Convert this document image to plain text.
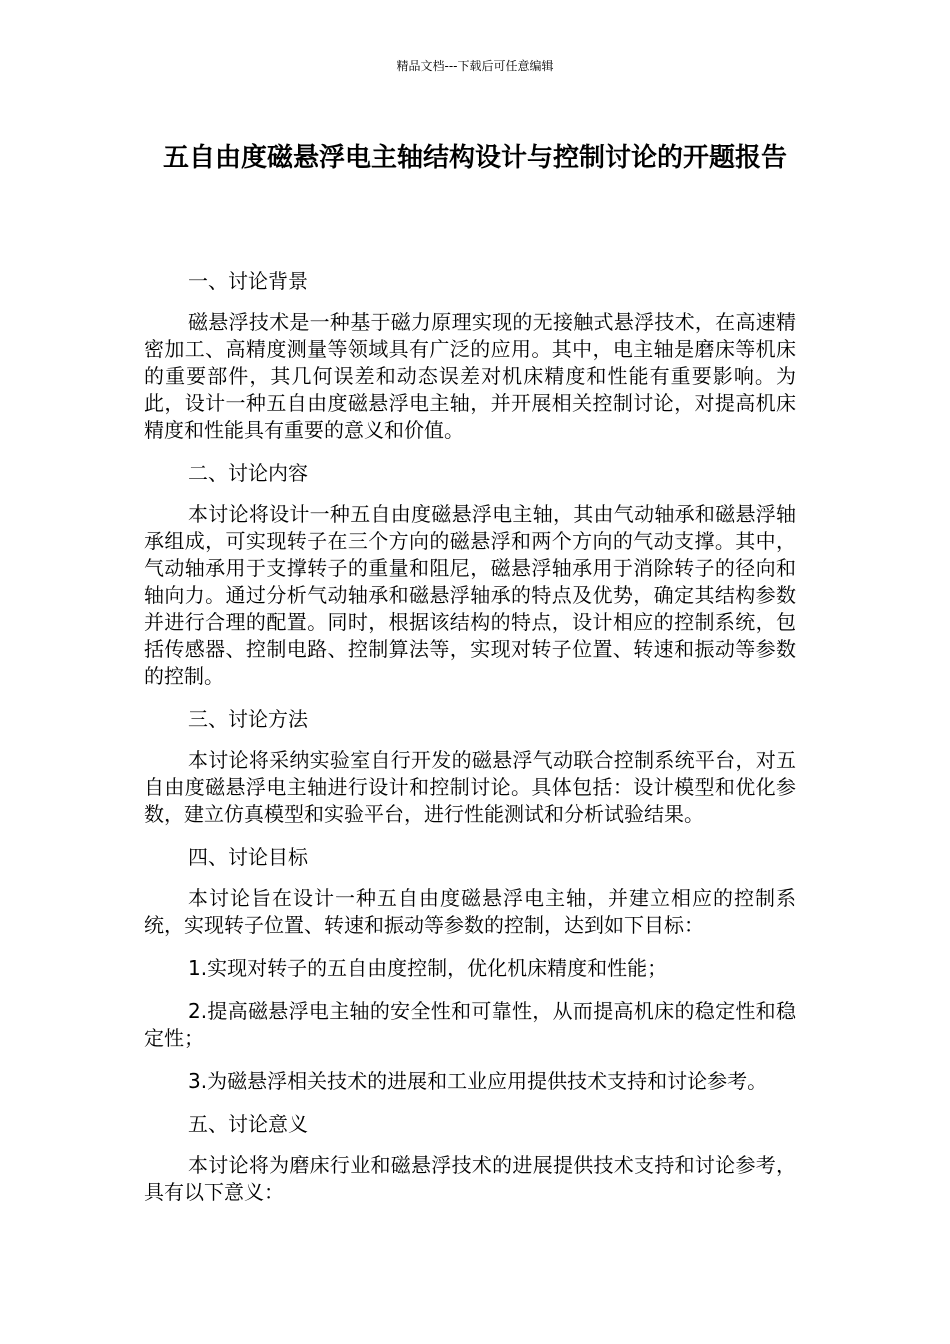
精品文档---下载后可任意编辑
五自由度磁悬浮电主轴结构设计与控制讨论的开题报告
一、讨论背景

磁悬浮技术是一种基于磁力原理实现的无接触式悬浮技术，在高速精密加工、高精度测量等领域具有广泛的应用。其中，电主轴是磨床等机床的重要部件，其几何误差和动态误差对机床精度和性能有重要影响。为此，设计一种五自由度磁悬浮电主轴，并开展相关控制讨论，对提高机床精度和性能具有重要的意义和价值。

二、讨论内容

本讨论将设计一种五自由度磁悬浮电主轴，其由气动轴承和磁悬浮轴承组成，可实现转子在三个方向的磁悬浮和两个方向的气动支撑。其中，气动轴承用于支撑转子的重量和阻尼，磁悬浮轴承用于消除转子的径向和轴向力。通过分析气动轴承和磁悬浮轴承的特点及优势，确定其结构参数并进行合理的配置。同时，根据该结构的特点，设计相应的控制系统，包括传感器、控制电路、控制算法等，实现对转子位置、转速和振动等参数的控制。

三、讨论方法

本讨论将采纳实验室自行开发的磁悬浮气动联合控制系统平台，对五自由度磁悬浮电主轴进行设计和控制讨论。具体包括：设计模型和优化参数，建立仿真模型和实验平台，进行性能测试和分析试验结果。

四、讨论目标

本讨论旨在设计一种五自由度磁悬浮电主轴，并建立相应的控制系统，实现转子位置、转速和振动等参数的控制，达到如下目标：

1.实现对转子的五自由度控制，优化机床精度和性能；

2.提高磁悬浮电主轴的安全性和可靠性，从而提高机床的稳定性和稳定性；

3.为磁悬浮相关技术的进展和工业应用提供技术支持和讨论参考。

五、讨论意义

本讨论将为磨床行业和磁悬浮技术的进展提供技术支持和讨论参考，具有以下意义：
